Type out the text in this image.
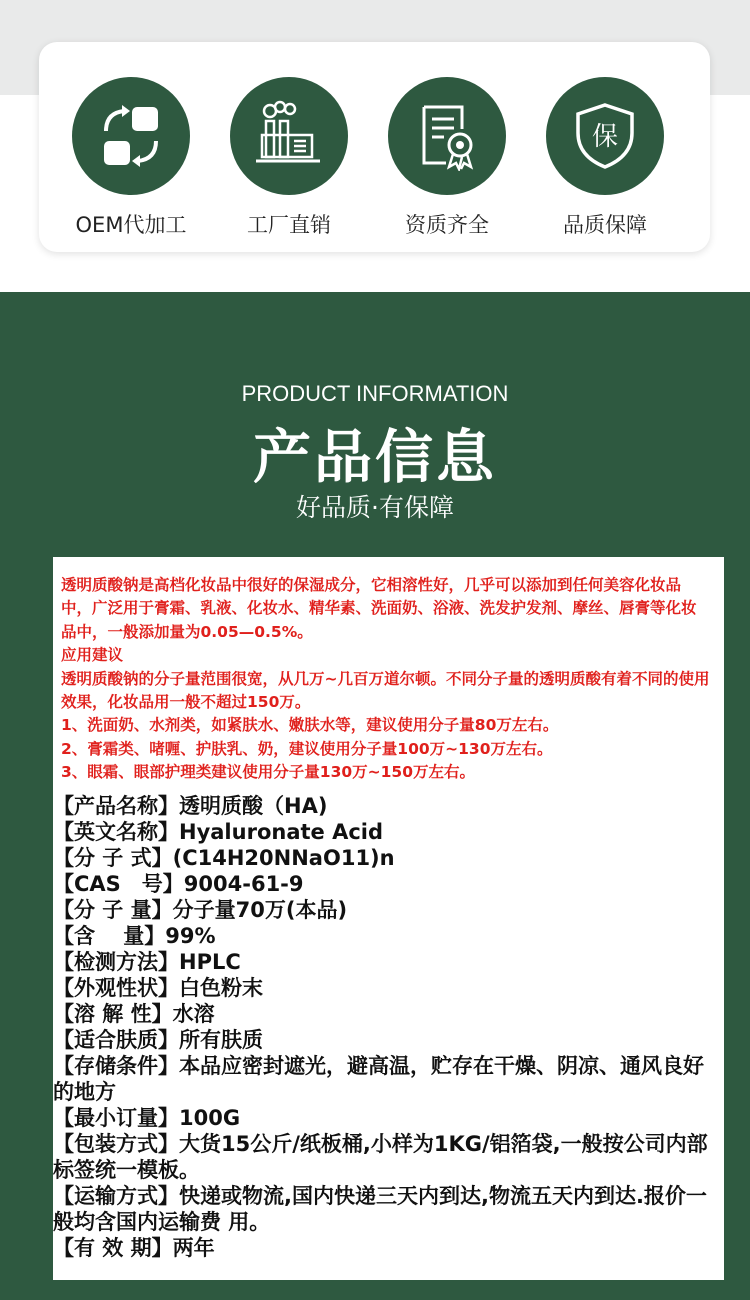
OEM代加工	工厂直销	资质齐全
保
品质保障
PRODUCT INFORMATION
产品信息
好品质·有保障

透明质酸钠是高档化妆品中很好的保湿成分，它相溶性好，几乎可以添加到任何美容化妆品中，广泛用于膏霜、乳液、化妆水、精华素、洗面奶、浴液、洗发护发剂、摩丝、唇膏等化妆品中，一般添加量为0.05—0.5%。

应用建议

透明质酸钠的分子量范围很宽，从几万~几百万道尔顿。不同分子量的透明质酸有着不同的使用效果，化妆品用一般不超过150万。

1、洗面奶、水剂类，如紧肤水、嫩肤水等，建议使用分子量80万左右。

2、膏霜类、啫喱、护肤乳、奶，建议使用分子量100万~130万左右。

3、眼霜、眼部护理类建议使用分子量130万~150万左右。

【产品名称】透明质酸（HA)
【英文名称】Hyaluronate Acid
【分 子 式】(C14H20NNaO11)n
【CAS　号】9004-61-9
【分 子 量】分子量70万(本品)
【含　 量】99%
【检测方法】HPLC
【外观性状】白色粉末
【溶 解 性】水溶
【适合肤质】所有肤质
【存储条件】本品应密封遮光，避高温，贮存在干燥、阴凉、通风良好的地方
【最小订量】100G
【包装方式】大货15公斤/纸板桶,小样为1KG/铝箔袋,一般按公司内部标签统一模板。
【运输方式】快递或物流,国内快递三天内到达,物流五天内到达.报价一般均含国内运输费 用。
【有 效 期】两年
